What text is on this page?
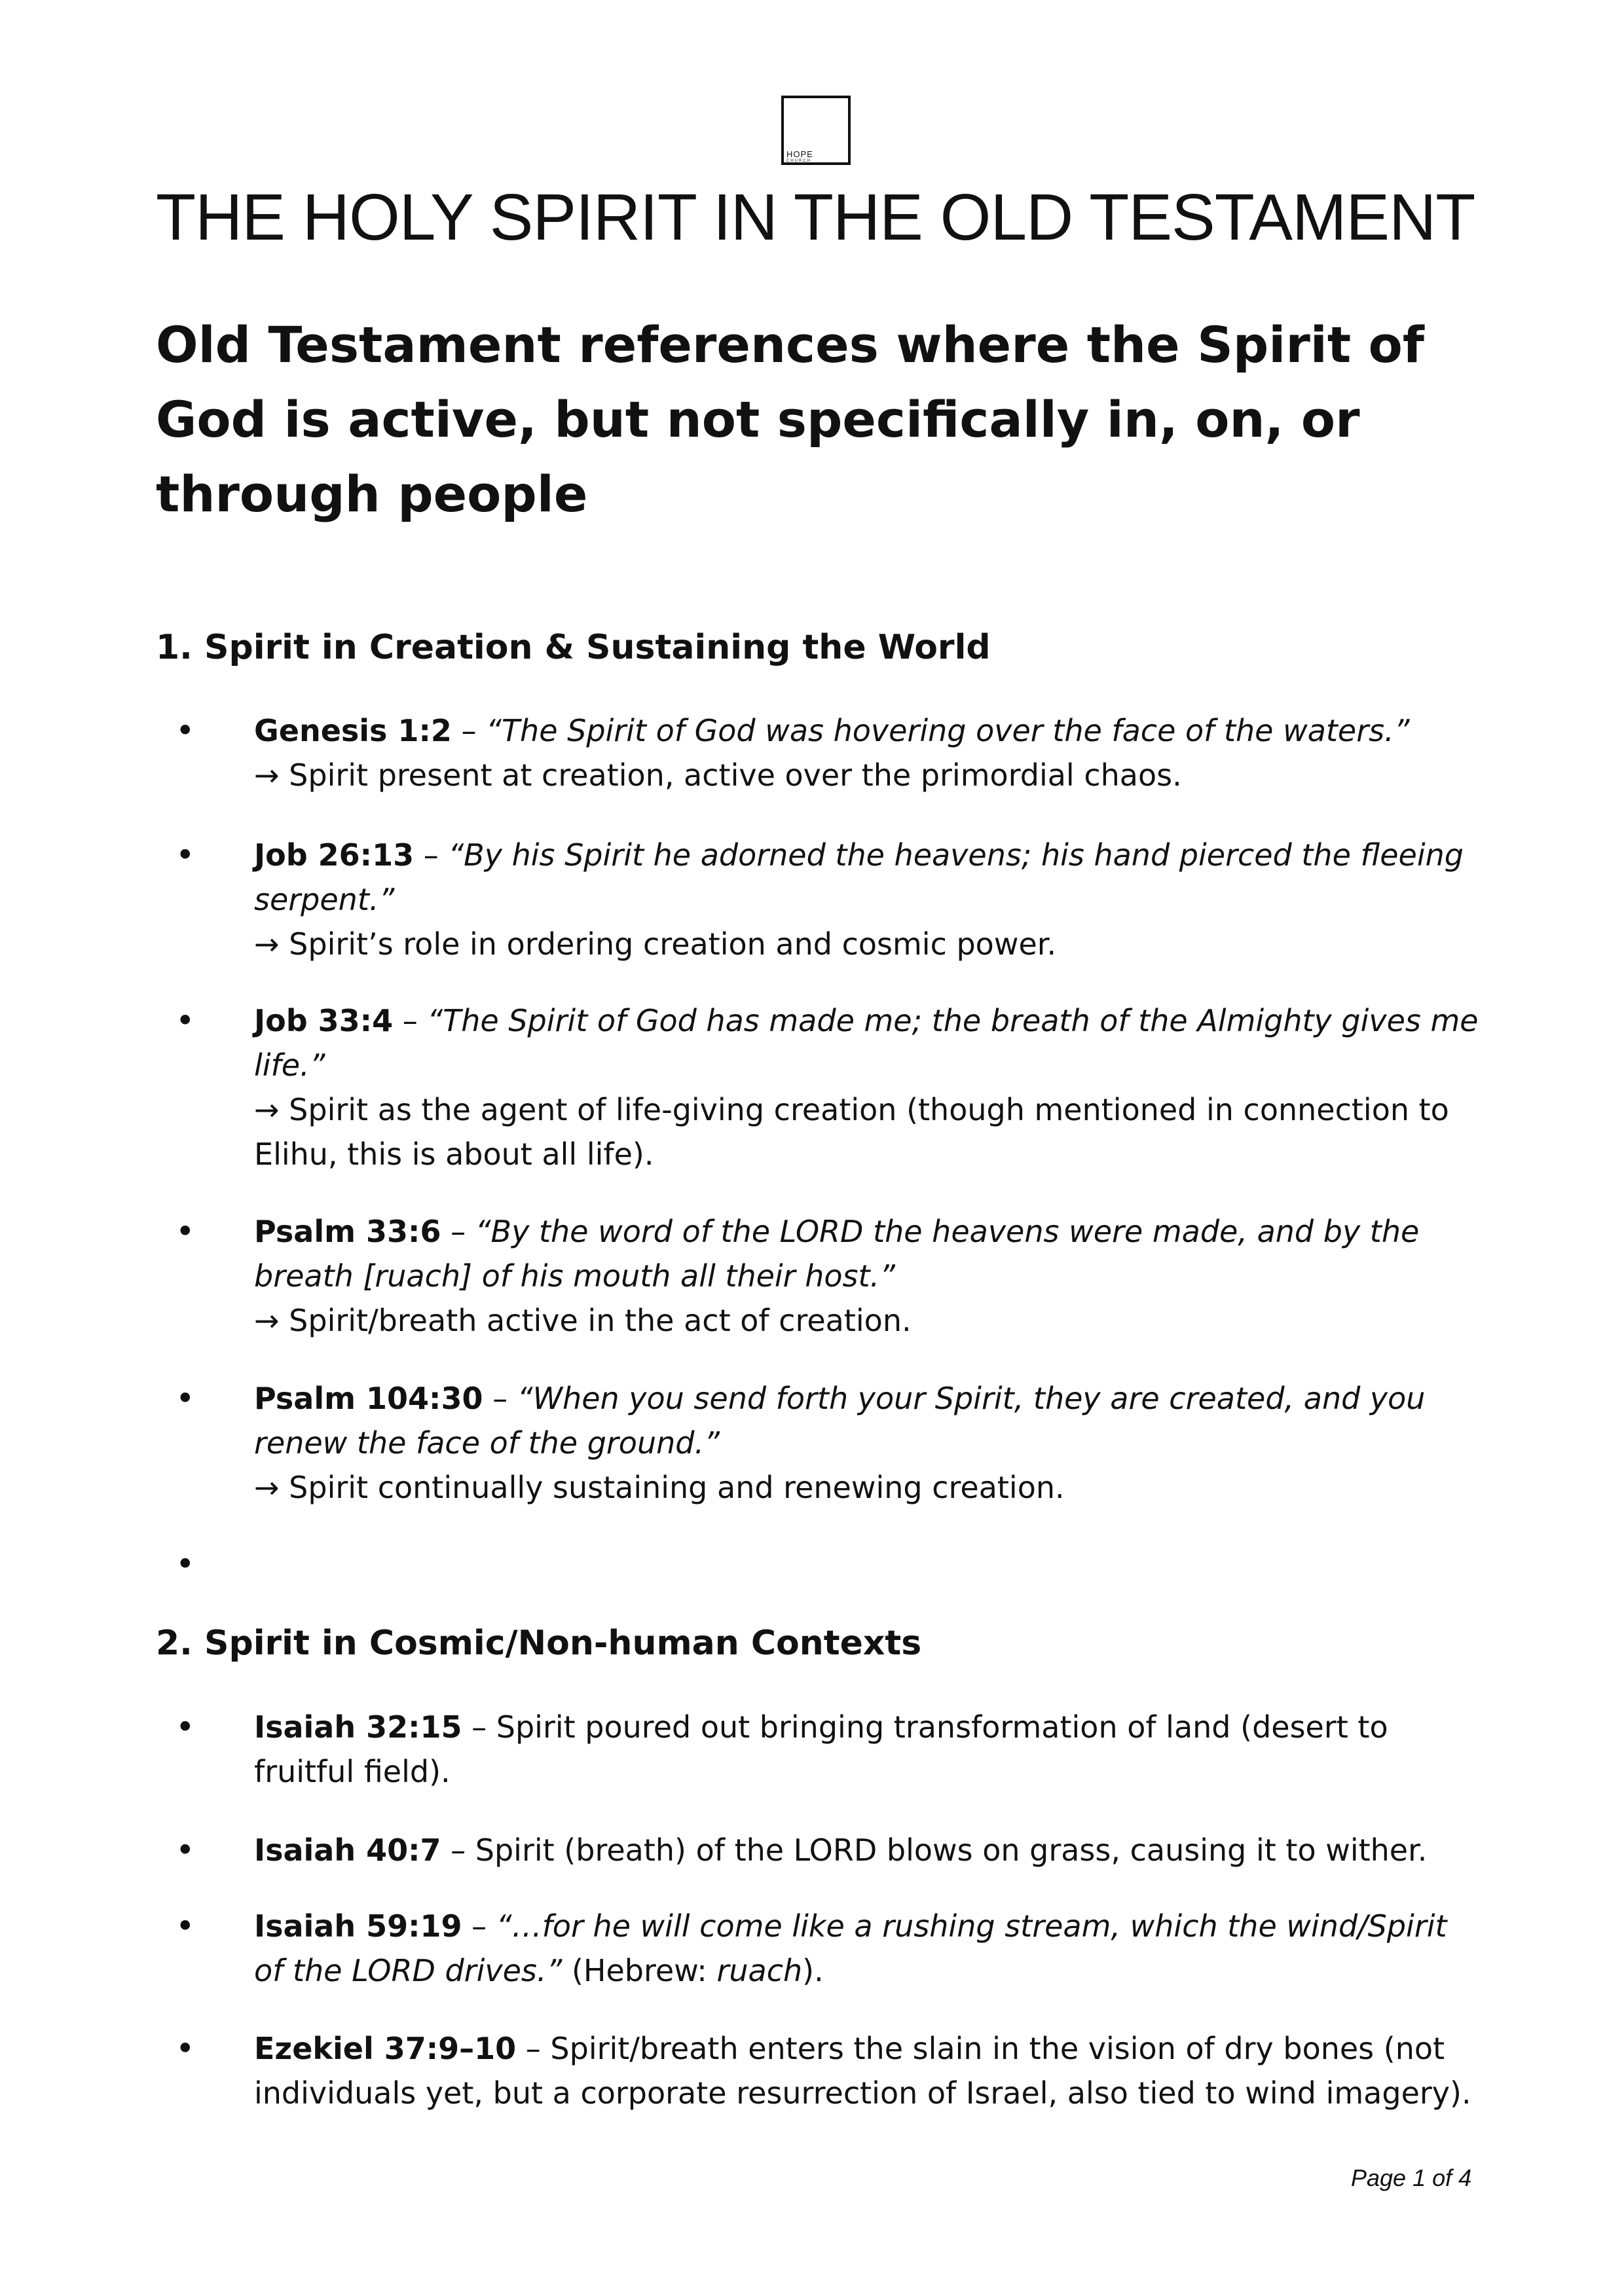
HOPE
CHURCH
THE HOLY SPIRIT IN THE OLD TESTAMENT
Old Testament references where the Spirit of God is active, but not specifically in, on, or through people
1. Spirit in Creation & Sustaining the World
• Genesis 1:2 – “The Spirit of God was hovering over the face of the waters.”
→ Spirit present at creation, active over the primordial chaos.
• Job 26:13 – “By his Spirit he adorned the heavens; his hand pierced the fleeing serpent.”
→ Spirit’s role in ordering creation and cosmic power.
• Job 33:4 – “The Spirit of God has made me; the breath of the Almighty gives me life.”
→ Spirit as the agent of life-giving creation (though mentioned in connection to Elihu, this is about all life).
• Psalm 33:6 – “By the word of the LORD the heavens were made, and by the breath [ruach] of his mouth all their host.”
→ Spirit/breath active in the act of creation.
• Psalm 104:30 – “When you send forth your Spirit, they are created, and you renew the face of the ground.”
→ Spirit continually sustaining and renewing creation.
•
2. Spirit in Cosmic/Non-human Contexts
• Isaiah 32:15 – Spirit poured out bringing transformation of land (desert to fruitful field).
• Isaiah 40:7 – Spirit (breath) of the LORD blows on grass, causing it to wither.
• Isaiah 59:19 – “…for he will come like a rushing stream, which the wind/Spirit of the LORD drives.” (Hebrew: ruach).
• Ezekiel 37:9–10 – Spirit/breath enters the slain in the vision of dry bones (not individuals yet, but a corporate resurrection of Israel, also tied to wind imagery).
Page 1 of 4
